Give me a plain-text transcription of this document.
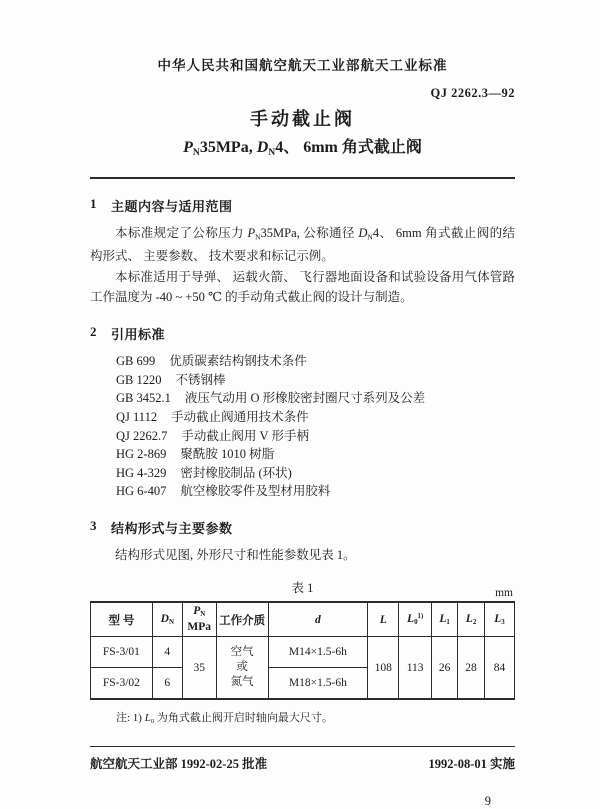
中华人民共和国航空航天工业部航天工业标准
QJ 2262.3—92
手动截止阀
PN35MPa, DN4、 6mm 角式截止阀
1 主题内容与适用范围

本标准规定了公称压力 PN35MPa, 公称通径 DN4、 6mm 角式截止阀的结构形式、 主要参数、 技术要求和标记示例。

本标准适用于导弹、 运载火箭、 飞行器地面设备和试验设备用气体管路工作温度为 -40 ~ +50 ℃ 的手动角式截止阀的设计与制造。

2 引用标准
GB 699 优质碳素结构钢技术条件
GB 1220 不锈钢棒
GB 3452.1 液压气动用 O 形橡胶密封圈尺寸系列及公差
QJ 1112 手动截止阀通用技术条件
QJ 2262.7 手动截止阀用 V 形手柄
HG 2-869 聚酰胺 1010 树脂
HG 4-329 密封橡胶制品 (环状)
HG 6-407 航空橡胶零件及型材用胶料
3 结构形式与主要参数

结构形式见图, 外形尺寸和性能参数见表 1。

表 1	mm
型 号	DN	PN
MPa	工作介质	d	L	L0$^{1)}$	L1	L2	L3
FS-3/01	4	35	空气
或
氮气	M14×1.5-6h	108	113	26	28	84
FS-3/02	6			M18×1.5-6h					

注: 1) L0 为角式截止阀开启时轴向最大尺寸。

航空航天工业部 1992-02-25 批准	1992-08-01 实施
9
